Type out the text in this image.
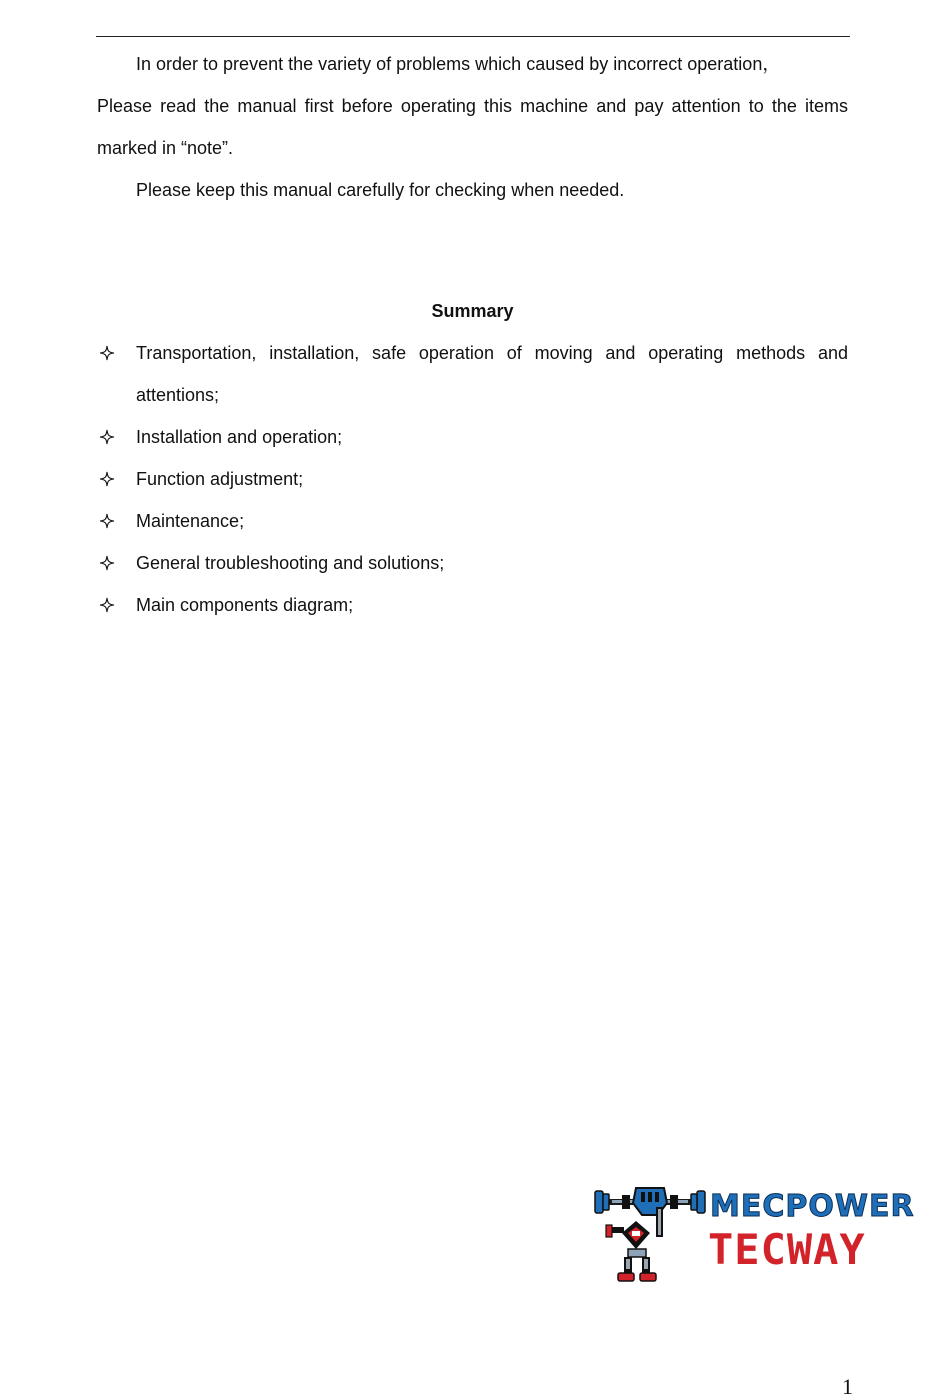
In order to prevent the variety of problems which caused by incorrect operation，

Please read the manual first before operating this machine and pay attention to the items marked in “note”.

Please keep this manual carefully for checking when needed.

Summary
Transportation, installation, safe operation of moving and operating methods and attentions;
Installation and operation;
Function adjustment;
Maintenance;
General troubleshooting and solutions;
Main components diagram;
MECPOWER
TECWAY
1
